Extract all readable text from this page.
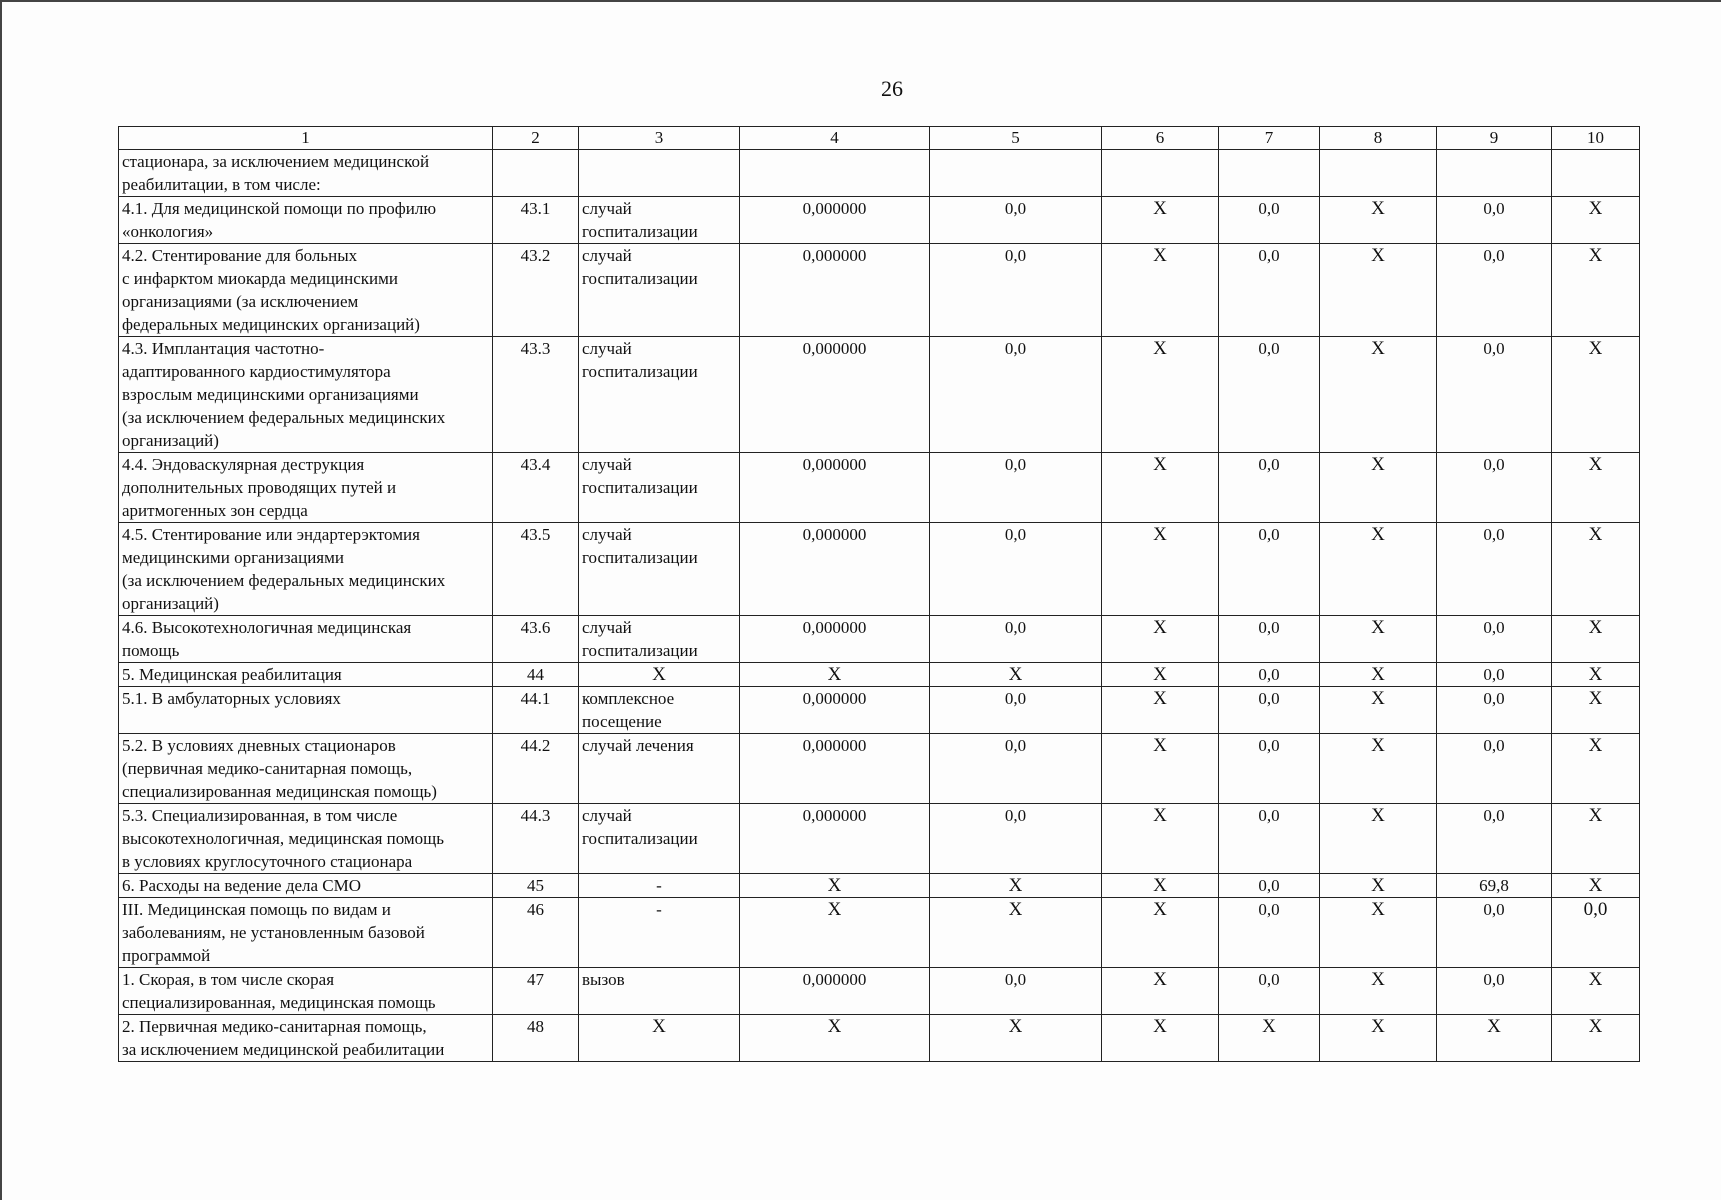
26
1	2	3	4	5	6	7	8	9	10

стационара, за исключением медицинской
реабилитации, в том числе:									

4.1. Для медицинской помощи по профилю
«онкология»	43.1	случай
госпитализации	0,000000	0,0	X	0,0	X	0,0	X

4.2. Стентирование для больных
с инфарктом миокарда медицинскими
организациями (за исключением
федеральных медицинских организаций)	43.2	случай
госпитализации	0,000000	0,0	X	0,0	X	0,0	X

4.3. Имплантация частотно-
адаптированного кардиостимулятора
взрослым медицинскими организациями
(за исключением федеральных медицинских
организаций)	43.3	случай
госпитализации	0,000000	0,0	X	0,0	X	0,0	X

4.4. Эндоваскулярная деструкция
дополнительных проводящих путей и
аритмогенных зон сердца	43.4	случай
госпитализации	0,000000	0,0	X	0,0	X	0,0	X

4.5. Стентирование или эндартерэктомия
медицинскими организациями
(за исключением федеральных медицинских
организаций)	43.5	случай
госпитализации	0,000000	0,0	X	0,0	X	0,0	X

4.6. Высокотехнологичная медицинская
помощь	43.6	случай
госпитализации	0,000000	0,0	X	0,0	X	0,0	X

5. Медицинская реабилитация	44	X	X	X	X	0,0	X	0,0	X

5.1. В амбулаторных условиях	44.1	комплексное
посещение	0,000000	0,0	X	0,0	X	0,0	X

5.2. В условиях дневных стационаров
(первичная медико-санитарная помощь,
специализированная медицинская помощь)	44.2	случай лечения	0,000000	0,0	X	0,0	X	0,0	X

5.3. Специализированная, в том числе
высокотехнологичная, медицинская помощь
в условиях круглосуточного стационара	44.3	случай
госпитализации	0,000000	0,0	X	0,0	X	0,0	X

6. Расходы на ведение дела СМО	45	-	X	X	X	0,0	X	69,8	X

III. Медицинская помощь по видам и
заболеваниям, не установленным базовой
программой	46	-	X	X	X	0,0	X	0,0	0,0

1. Скорая, в том числе скорая
специализированная, медицинская помощь	47	вызов	0,000000	0,0	X	0,0	X	0,0	X

2. Первичная медико-санитарная помощь,
за исключением медицинской реабилитации	48	X	X	X	X	X	X	X	X
